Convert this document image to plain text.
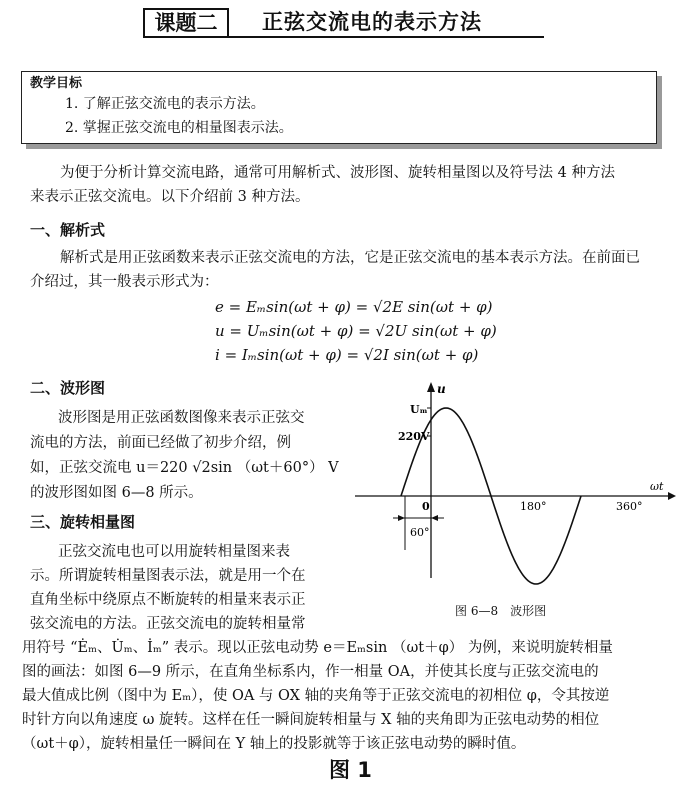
课题二	正弦交流电的表示方法
教学目标
1. 了解正弦交流电的表示方法。
2. 掌握正弦交流电的相量图表示法。
为便于分析计算交流电路，通常可用解析式、波形图、旋转相量图以及符号法 4 种方法
来表示正弦交流电。以下介绍前 3 种方法。
一、解析式
解析式是用正弦函数来表示正弦交流电的方法，它是正弦交流电的基本表示方法。在前面已
介绍过，其一般表示形式为：
e = Eₘsin(ωt + φ) = √2E sin(ωt + φ)
u = Uₘsin(ωt + φ) = √2U sin(ωt + φ)
i = Iₘsin(ωt + φ) = √2I sin(ωt + φ)
二、波形图
波形图是用正弦函数图像来表示正弦交
流电的方法，前面已经做了初步介绍，例
如，正弦交流电 u＝220 √2sin （ωt＋60°） V
的波形图如图 6—8 所示。
三、旋转相量图
正弦交流电也可以用旋转相量图来表
示。所谓旋转相量图表示法，就是用一个在
直角坐标中绕原点不断旋转的相量来表示正
弦交流电的方法。正弦交流电的旋转相量常
用符号 “Ėₘ、U̇ₘ、İₘ” 表示。现以正弦电动势 e＝Eₘsin （ωt＋φ） 为例，来说明旋转相量
图的画法：如图 6—9 所示，在直角坐标系内，作一相量 OA，并使其长度与正弦交流电的
最大值成比例（图中为 Eₘ），使 OA 与 OX 轴的夹角等于正弦交流电的初相位 φ，令其按逆
时针方向以角速度 ω 旋转。这样在任一瞬间旋转相量与 X 轴的夹角即为正弦电动势的相位
（ωt＋φ），旋转相量任一瞬间在 Y 轴上的投影就等于该正弦电动势的瞬时值。
u
ωt
Uₘ
220V
0	180°	360°
60°
图 6—8　波形图
图 1
